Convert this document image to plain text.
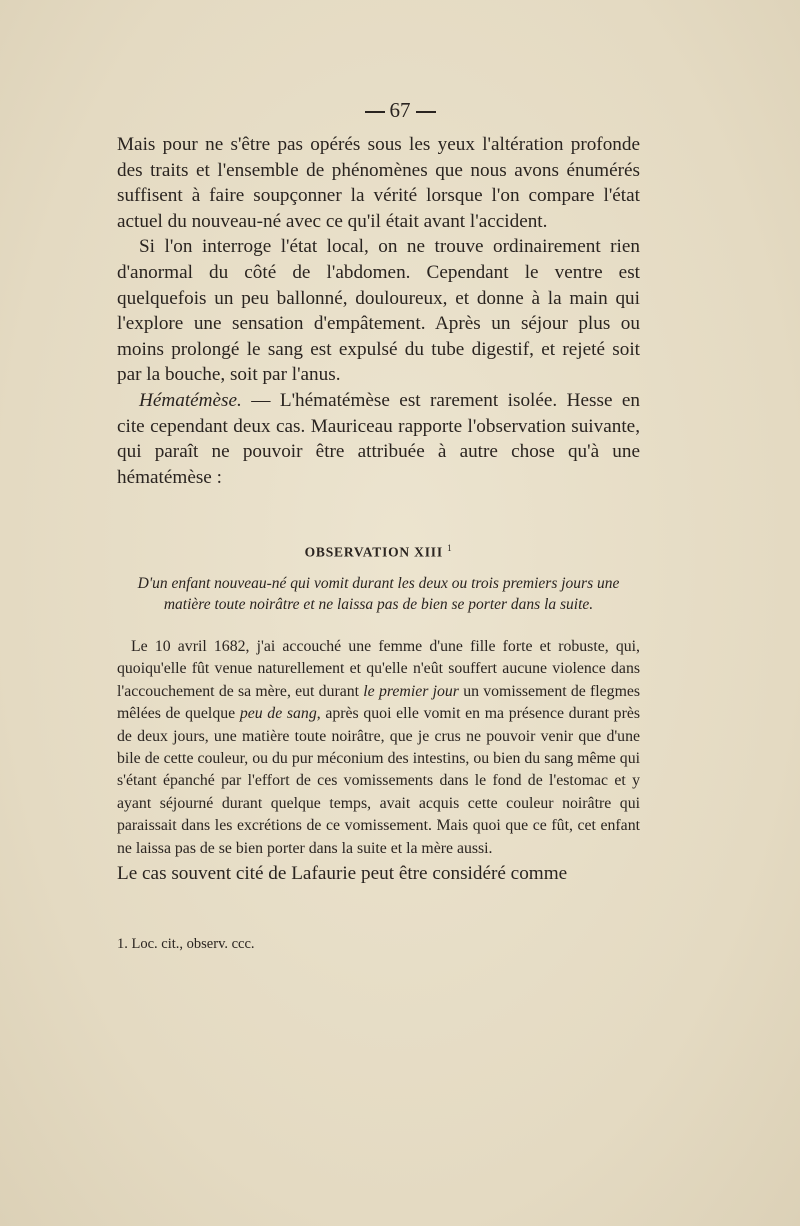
67

Mais pour ne s'être pas opérés sous les yeux l'altération profonde des traits et l'ensemble de phénomènes que nous avons énumérés suffisent à faire soupçonner la vérité lorsque l'on compare l'état actuel du nouveau-né avec ce qu'il était avant l'accident.

Si l'on interroge l'état local, on ne trouve ordinairement rien d'anormal du côté de l'abdomen. Cependant le ventre est quelquefois un peu ballonné, douloureux, et donne à la main qui l'explore une sensation d'empâtement. Après un séjour plus ou moins prolongé le sang est expulsé du tube digestif, et rejeté soit par la bouche, soit par l'anus.

Hématémèse. — L'hématémèse est rarement isolée. Hesse en cite cependant deux cas. Mauriceau rapporte l'observation suivante, qui paraît ne pouvoir être attribuée à autre chose qu'à une hématémèse :

OBSERVATION XIII $^1$
D'un enfant nouveau-né qui vomit durant les deux ou trois premiers jours une matière toute noirâtre et ne laissa pas de bien se porter dans la suite.

Le 10 avril 1682, j'ai accouché une femme d'une fille forte et robuste, qui, quoiqu'elle fût venue naturellement et qu'elle n'eût souffert aucune violence dans l'accouchement de sa mère, eut durant le premier jour un vomissement de flegmes mêlées de quelque peu de sang, après quoi elle vomit en ma présence durant près de deux jours, une matière toute noirâtre, que je crus ne pouvoir venir que d'une bile de cette couleur, ou du pur méconium des intestins, ou bien du sang même qui s'étant épanché par l'effort de ces vomissements dans le fond de l'estomac et y ayant séjourné durant quelque temps, avait acquis cette couleur noirâtre qui paraissait dans les excrétions de ce vomissement. Mais quoi que ce fût, cet enfant ne laissa pas de se bien porter dans la suite et la mère aussi.

Le cas souvent cité de Lafaurie peut être considéré comme

1. Loc. cit., observ. ccc.
